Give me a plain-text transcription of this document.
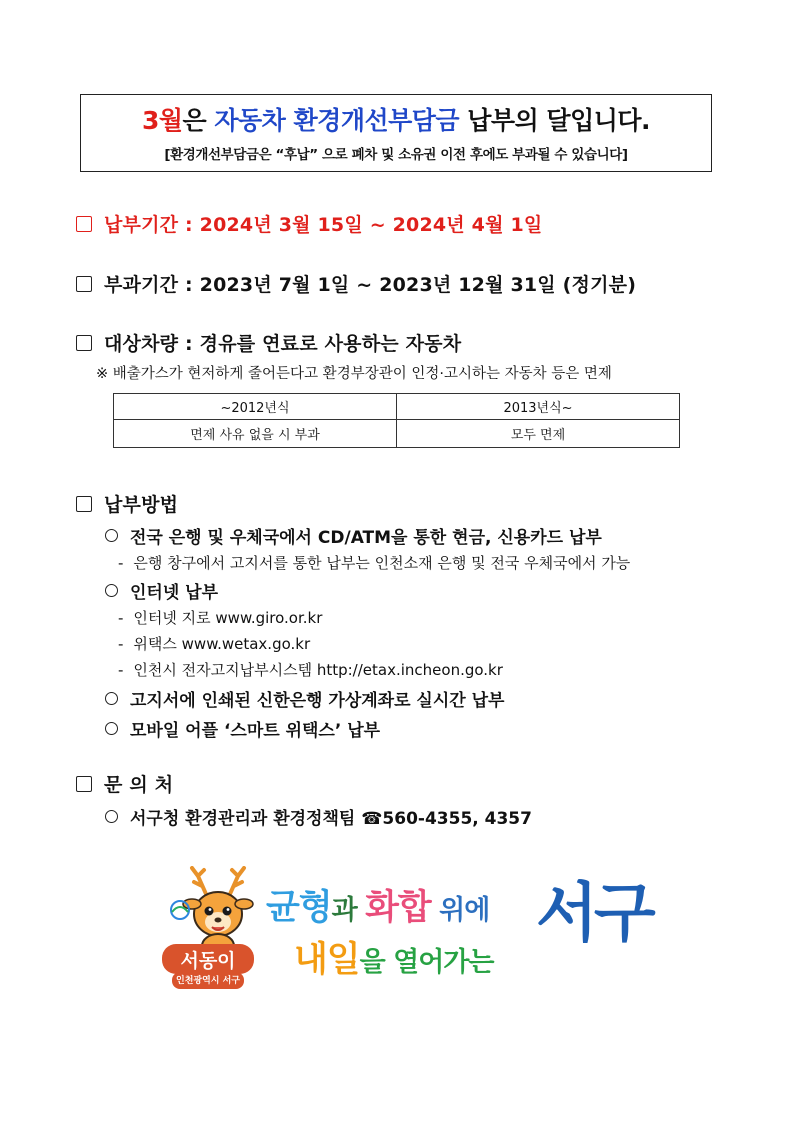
3월은 자동차 환경개선부담금 납부의 달입니다.
[환경개선부담금은 “후납” 으로 폐차 및 소유권 이전 후에도 부과될 수 있습니다]
납부기간 : 2024년 3월 15일 ~ 2024년 4월 1일
부과기간 : 2023년 7월 1일 ~ 2023년 12월 31일 (정기분)
대상차량 : 경유를 연료로 사용하는 자동차
※ 배출가스가 현저하게 줄어든다고 환경부장관이 인정·고시하는 자동차 등은 면제
~2012년식	2013년식~
면제 사유 없을 시 부과	모두 면제
납부방법
전국 은행 및 우체국에서 CD/ATM을 통한 현금, 신용카드 납부
- 은행 창구에서 고지서를 통한 납부는 인천소재 은행 및 전국 우체국에서 가능
인터넷 납부
- 인터넷 지로 www.giro.or.kr
- 위택스 www.wetax.go.kr
- 인천시 전자고지납부시스템 http://etax.incheon.go.kr
고지서에 인쇄된 신한은행 가상계좌로 실시간 납부
모바일 어플 ‘스마트 위택스’ 납부
문 의 처
서구청 환경관리과 환경정책팀 ☎560-4355, 4357
서동이
인천광역시 서구
균형과 화합 위에
내일을 열어가는
서구
